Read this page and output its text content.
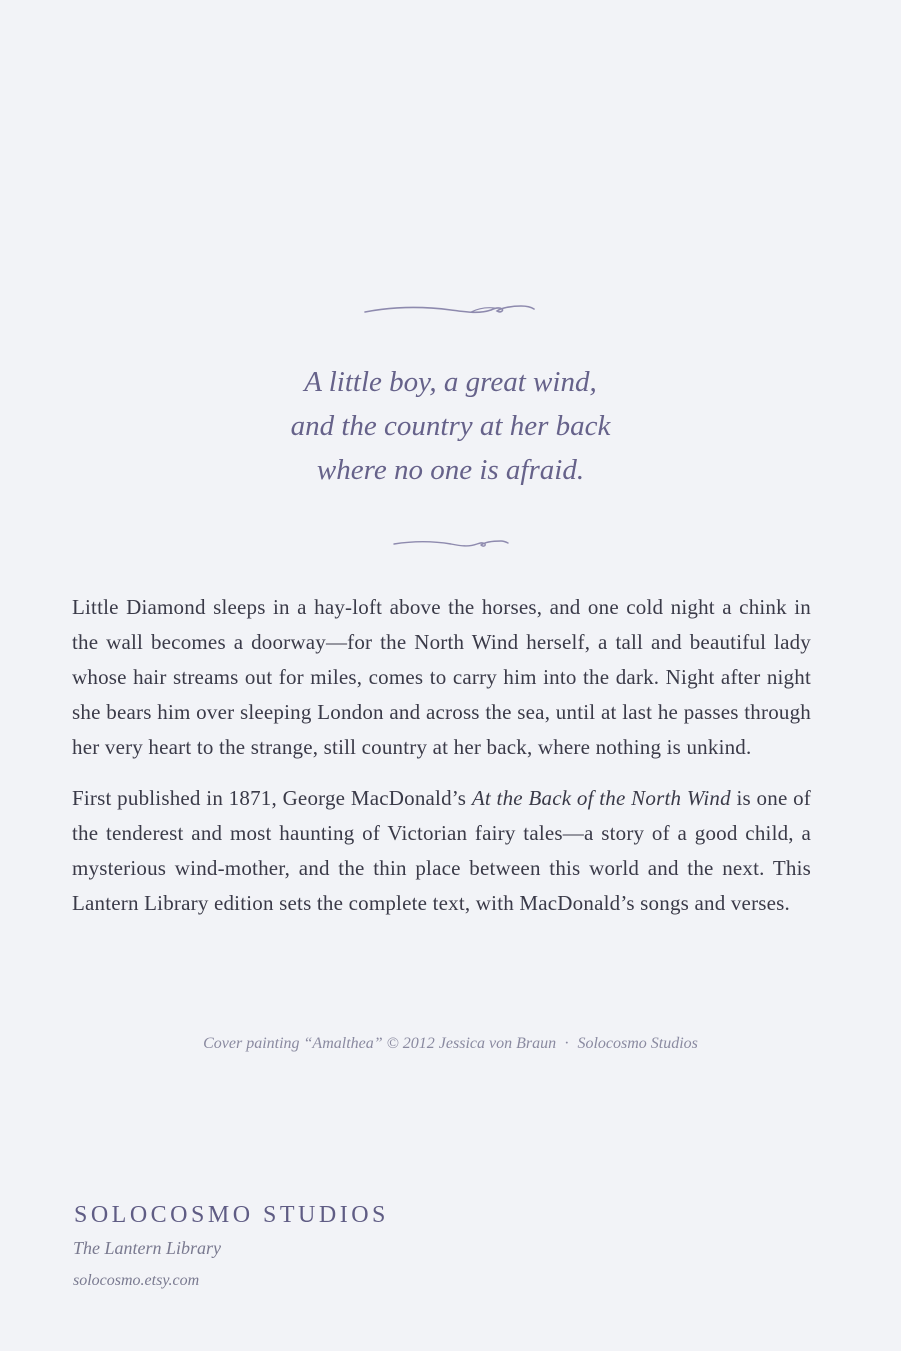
A little boy, a great wind,
and the country at her back
where no one is afraid.

Little Diamond sleeps in a hay-loft above the horses, and one cold night a chink in the wall becomes a doorway—for the North Wind herself, a tall and beautiful lady whose hair streams out for miles, comes to carry him into the dark. Night after night she bears him over sleeping London and across the sea, until at last he passes through her very heart to the strange, still country at her back, where nothing is unkind.

First published in 1871, George MacDonald’s At the Back of the North Wind is one of the tenderest and most haunting of Victorian fairy tales—a story of a good child, a mysterious wind-mother, and the thin place between this world and the next. This Lantern Library edition sets the complete text, with MacDonald’s songs and verses.

Cover painting “Amalthea” © 2012 Jessica von Braun · Solocosmo Studios
SOLOCOSMO STUDIOS
The Lantern Library
solocosmo.etsy.com
